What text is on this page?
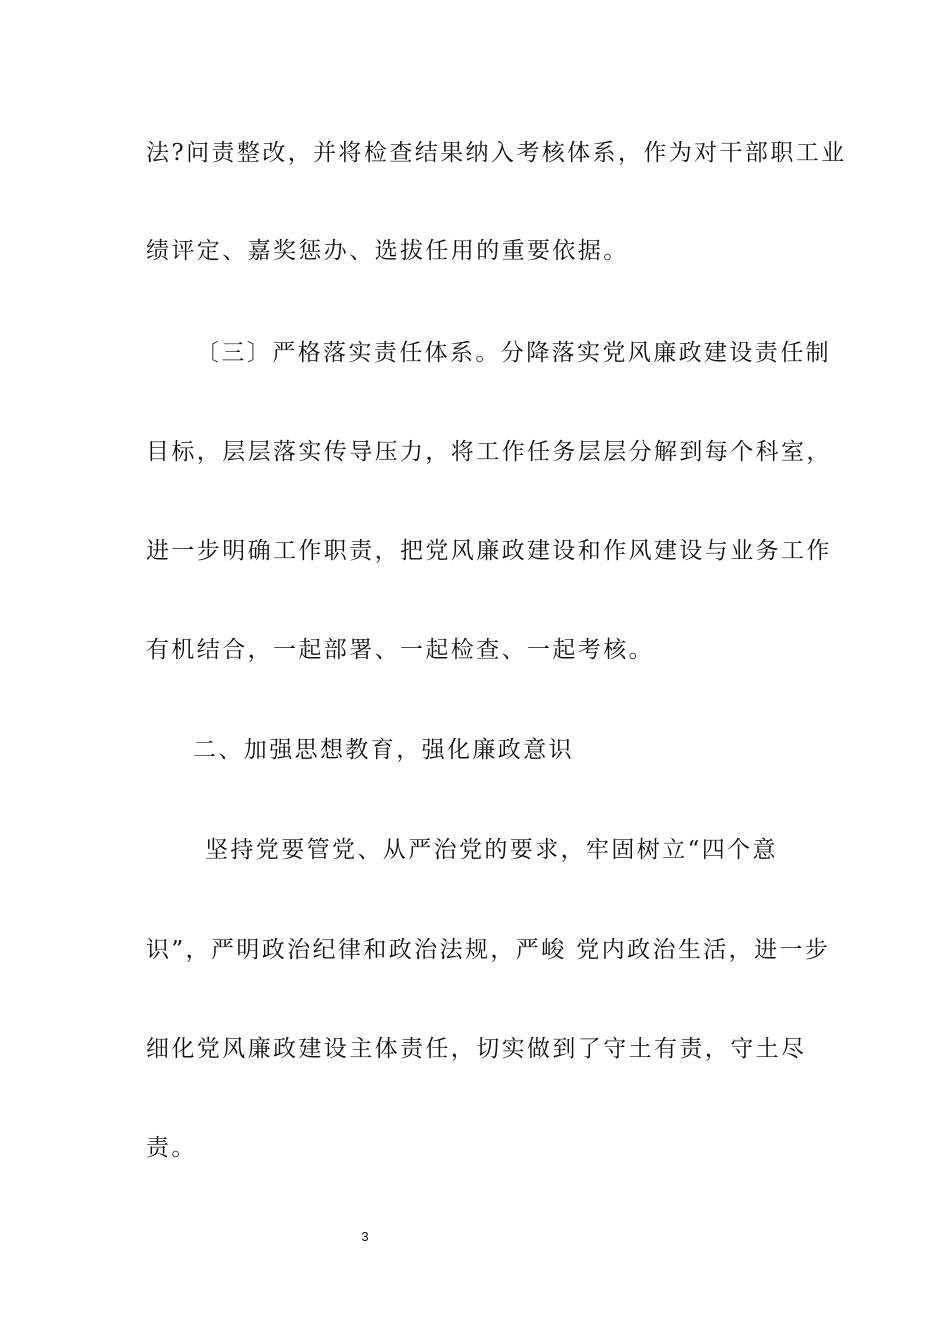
法?问责整改，并将检查结果纳入考核体系，作为对干部职工业
绩评定、嘉奖惩办、选拔任用的重要依据。
〔三〕严格落实责任体系。分降落实党风廉政建设责任制
目标，层层落实传导压力，将工作任务层层分解到每个科室，
进一步明确工作职责，把党风廉政建设和作风建设与业务工作
有机结合，一起部署、一起检查、一起考核。
二、加强思想教育，强化廉政意识
坚持党要管党、从严治党的要求，牢固树立“四个意
识”，严明政治纪律和政治法规，严峻 党内政治生活，进一步
细化党风廉政建设主体责任，切实做到了守土有责，守土尽
责。
3
